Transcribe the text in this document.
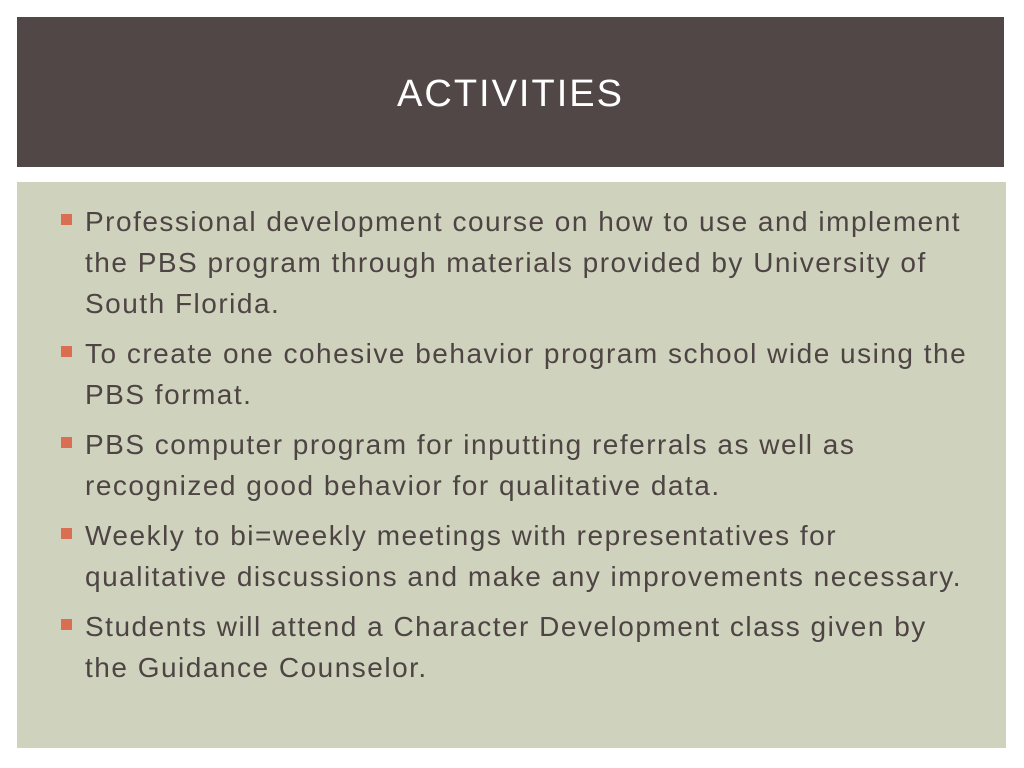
ACTIVITIES
Professional development course on how to use and implement the PBS program through materials provided by University of South Florida.
To create one cohesive behavior program school wide using the PBS format.
PBS computer program for inputting referrals as well as recognized good behavior for qualitative data.
Weekly to bi=weekly meetings with representatives for qualitative discussions and make any improvements necessary.
Students will attend a Character Development class given by the Guidance Counselor.
